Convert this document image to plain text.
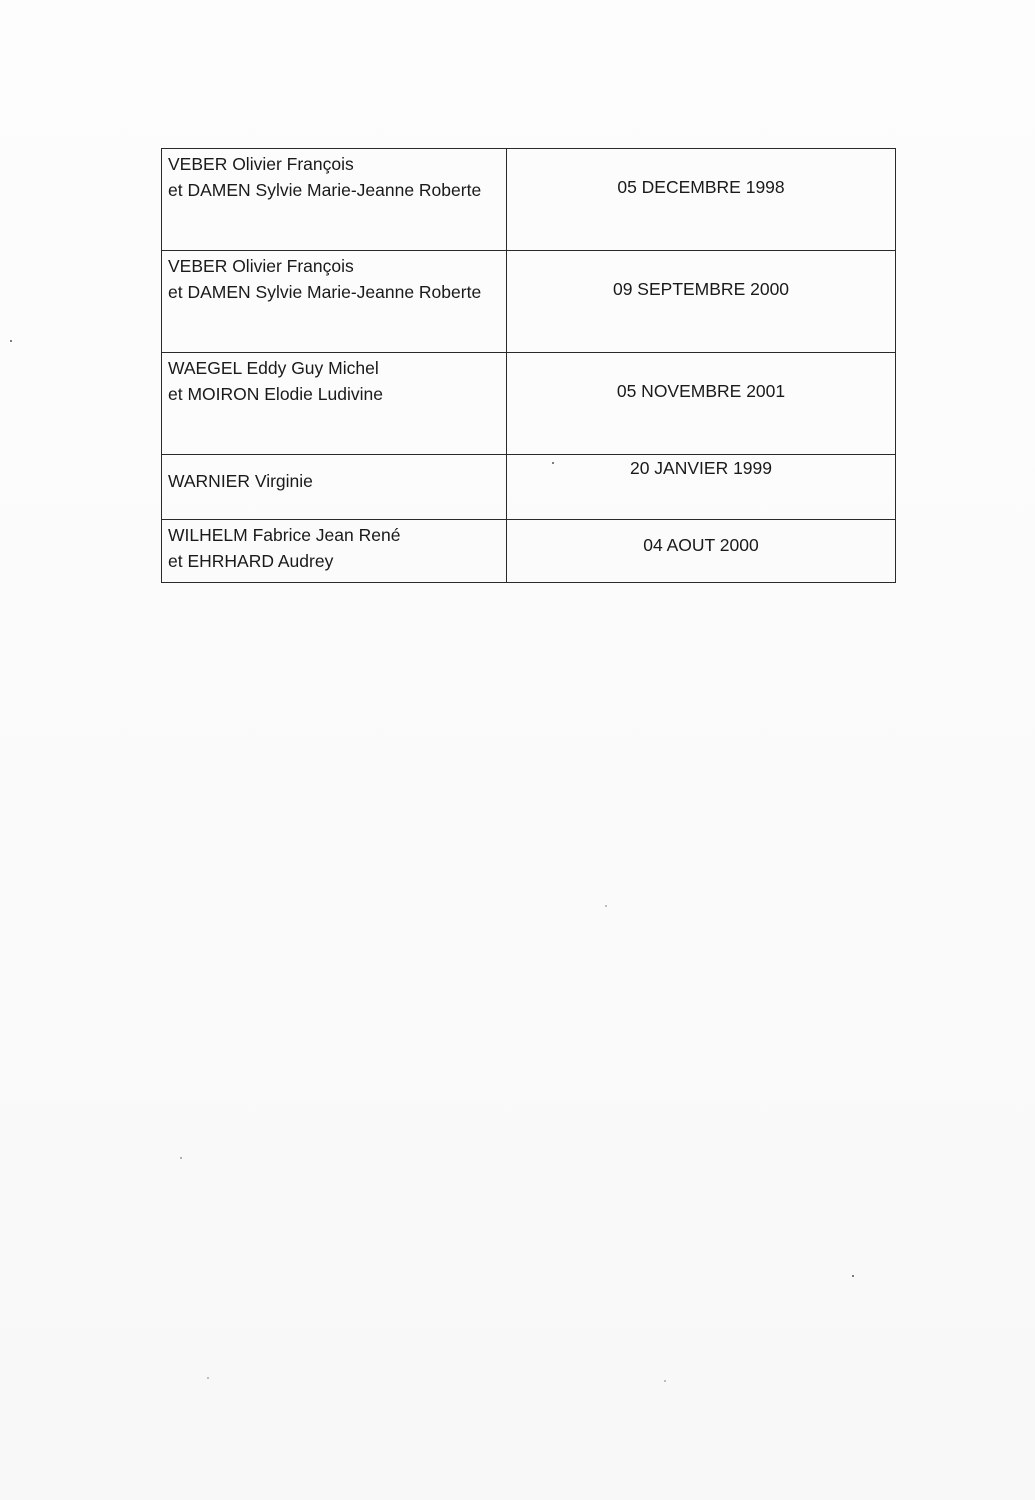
VEBER Olivier François
et DAMEN Sylvie Marie-Jeanne Roberte	05 DECEMBRE 1998

VEBER Olivier François
et DAMEN Sylvie Marie-Jeanne Roberte	09 SEPTEMBRE 2000

WAEGEL Eddy Guy Michel
et MOIRON Elodie Ludivine	05 NOVEMBRE 2001

WARNIER Virginie	20 JANVIER 1999

WILHELM Fabrice Jean René
et EHRHARD Audrey	04 AOUT 2000
